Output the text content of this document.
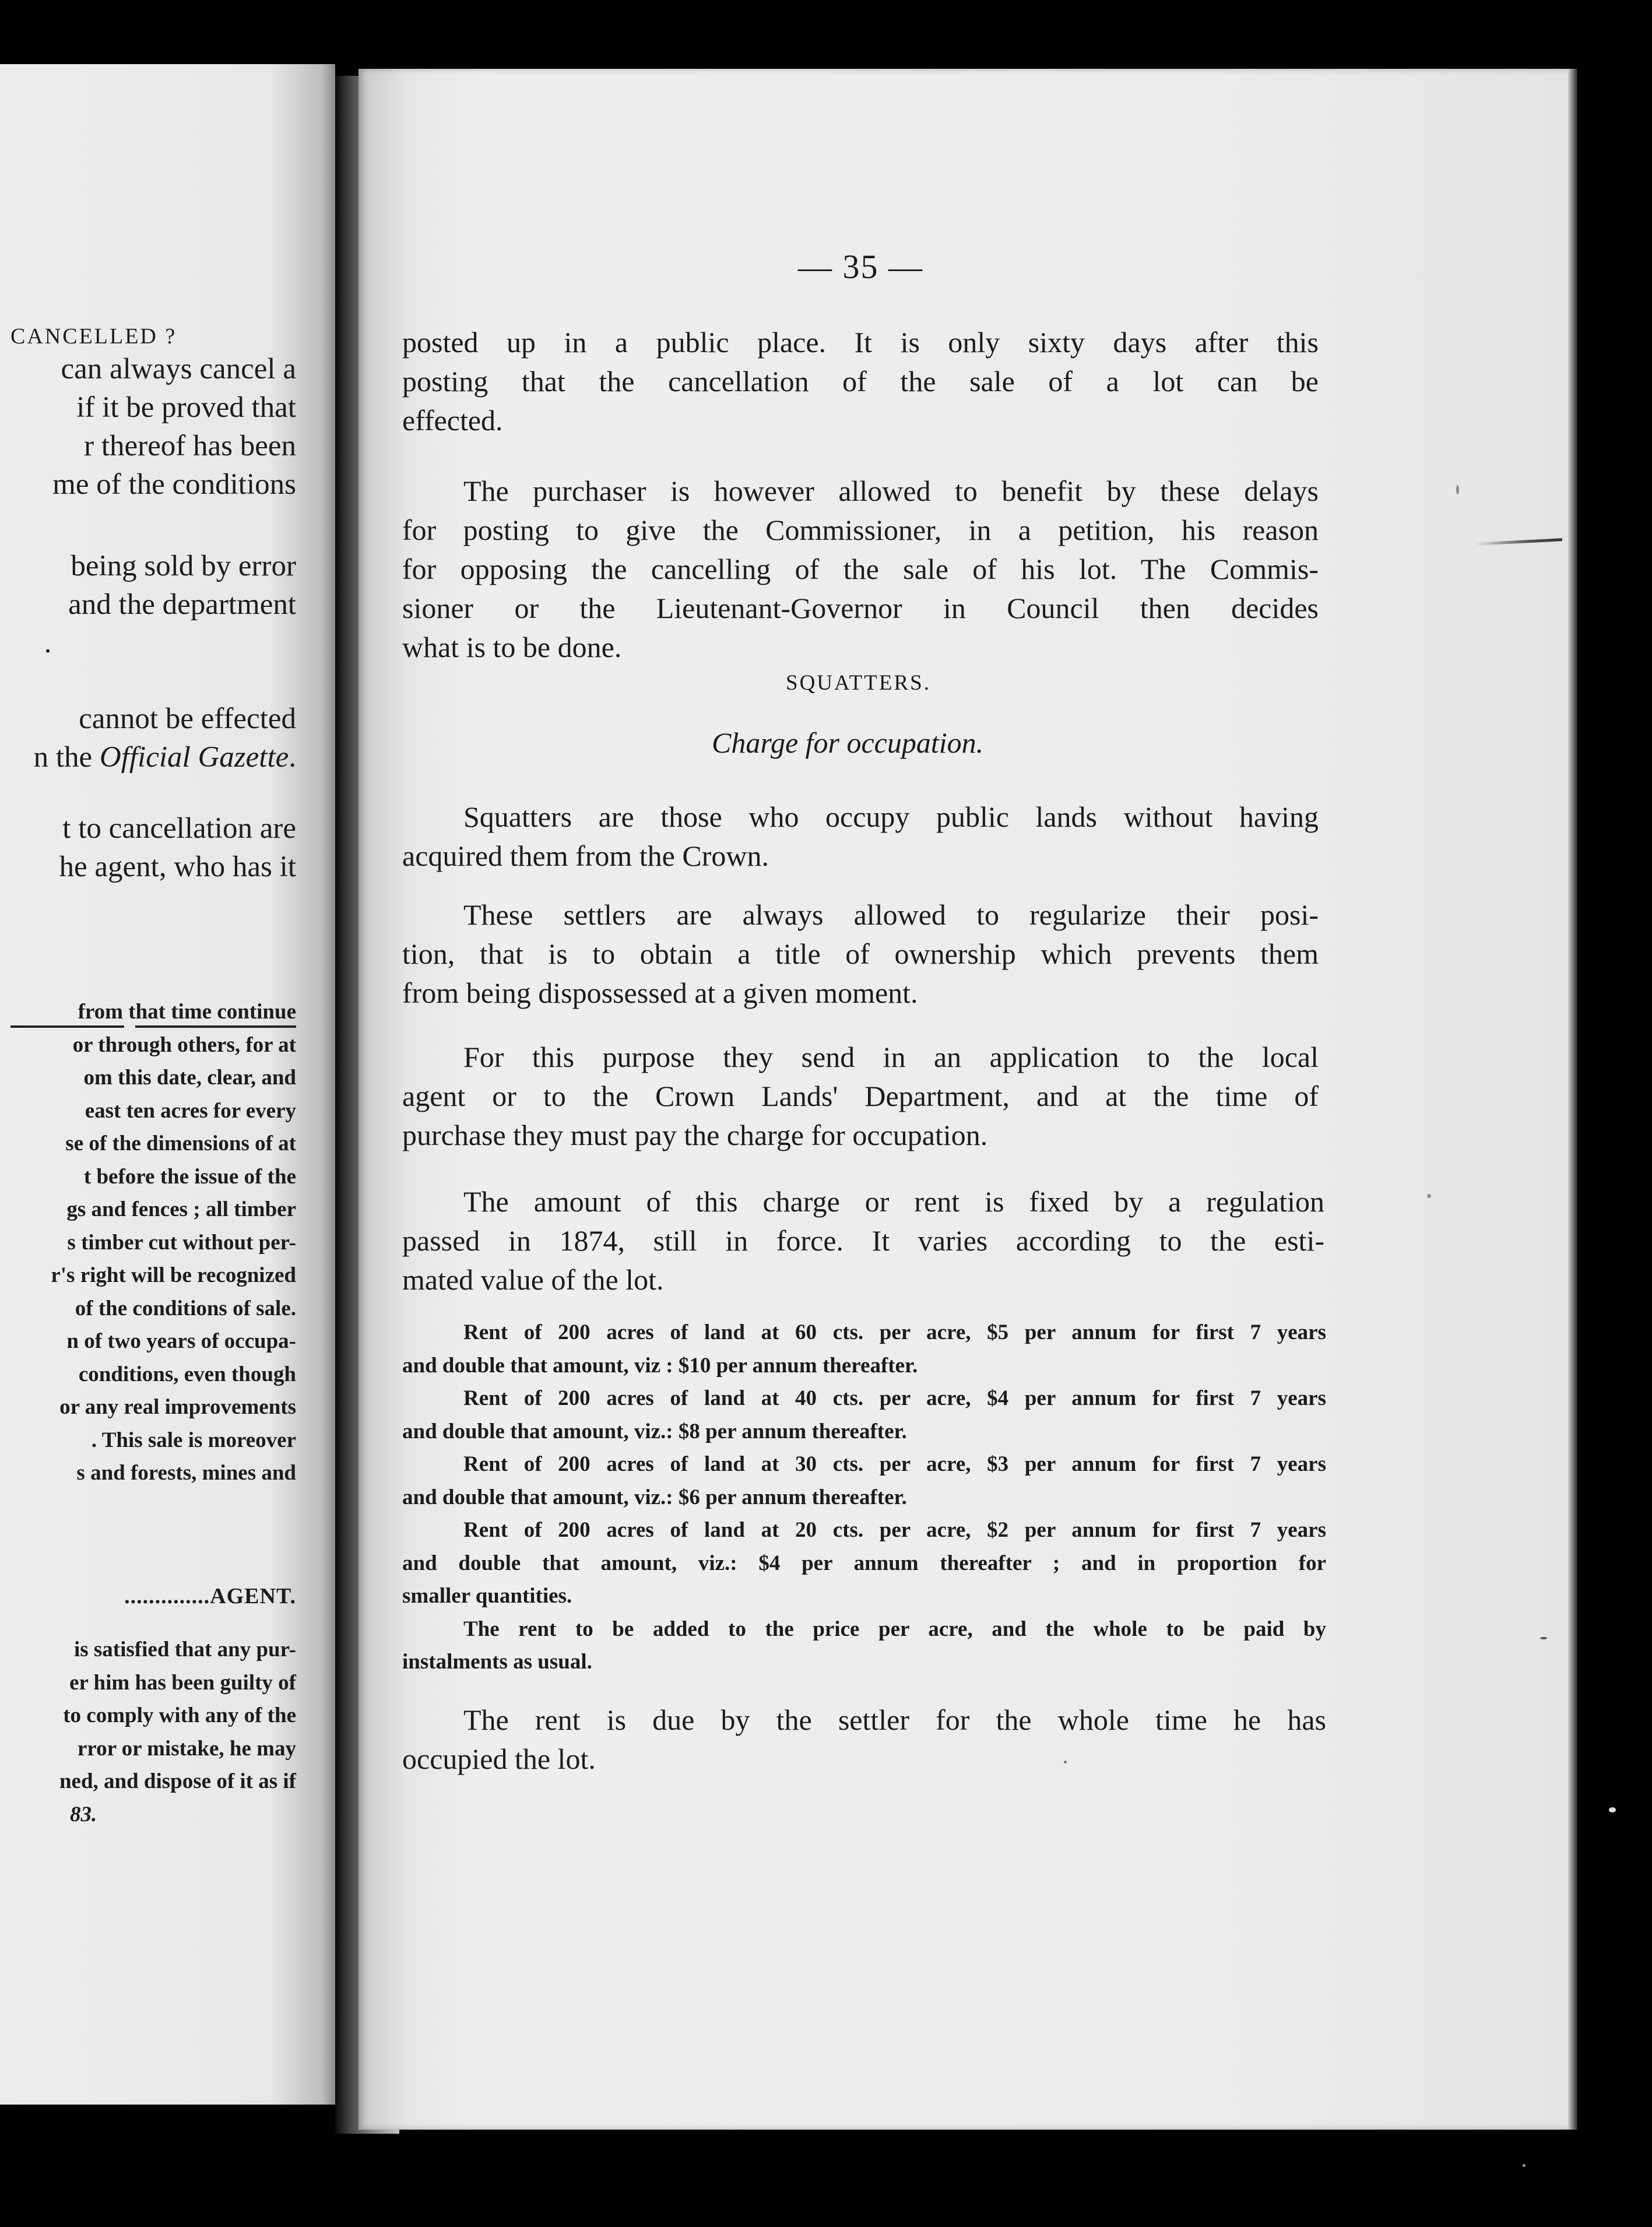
CANCELLED ?
can always cancel a
if it be proved that
r thereof has been
me of the conditions
being sold by error
and the department
.
cannot be effected
n the Official Gazette.
t to cancellation are
he agent, who has it
from that time continue
or through others, for at
om this date, clear, and
east ten acres for every
se of the dimensions of at
t before the issue of the
gs and fences ; all timber
s timber cut without per-
r's right will be recognized
of the conditions of sale.
n of two years of occupa-
conditions, even though
or any real improvements
. This sale is moreover
s and forests, mines and
..............AGENT.
is satisfied that any pur-
er him has been guilty of
to comply with any of the
rror or mistake, he may
ned, and dispose of it as if
83.
— 35 —
posted up in a public place. It is only sixty days after this
posting that the cancellation of the sale of a lot can be
effected.
The purchaser is however allowed to benefit by these delays
for posting to give the Commissioner, in a petition, his reason
for opposing the cancelling of the sale of his lot. The Commis-
sioner or the Lieutenant-Governor in Council then decides
what is to be done.
SQUATTERS.
Charge for occupation.
Squatters are those who occupy public lands without having
acquired them from the Crown.
These settlers are always allowed to regularize their posi-
tion, that is to obtain a title of ownership which prevents them
from being dispossessed at a given moment.
For this purpose they send in an application to the local
agent or to the Crown Lands' Department, and at the time of
purchase they must pay the charge for occupation.
The amount of this charge or rent is fixed by a regulation
passed in 1874, still in force. It varies according to the esti-
mated value of the lot.
Rent of 200 acres of land at 60 cts. per acre, $5 per annum for first 7 years
and double that amount, viz : $10 per annum thereafter.
Rent of 200 acres of land at 40 cts. per acre, $4 per annum for first 7 years
and double that amount, viz.: $8 per annum thereafter.
Rent of 200 acres of land at 30 cts. per acre, $3 per annum for first 7 years
and double that amount, viz.: $6 per annum thereafter.
Rent of 200 acres of land at 20 cts. per acre, $2 per annum for first 7 years
and double that amount, viz.: $4 per annum thereafter ; and in proportion for
smaller quantities.
The rent to be added to the price per acre, and the whole to be paid by
instalments as usual.
The rent is due by the settler for the whole time he has
occupied the lot.
